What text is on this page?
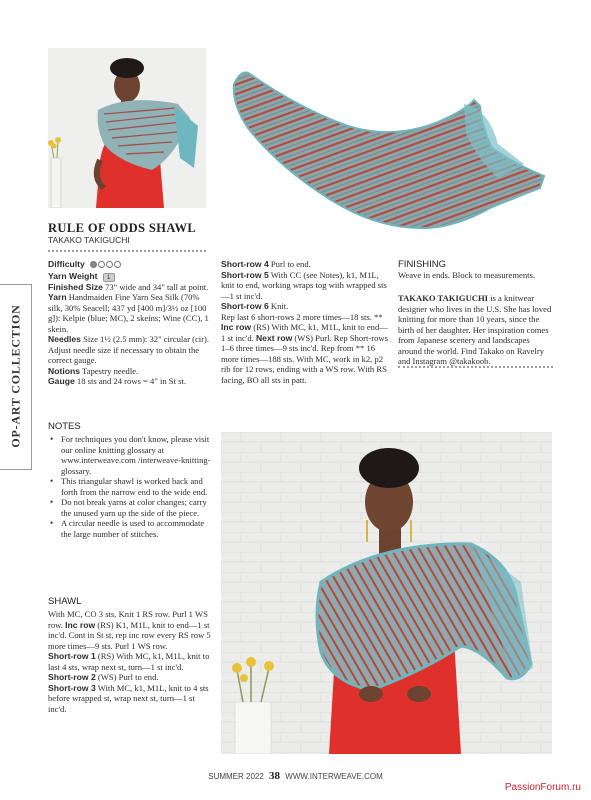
OP-ART COLLECTION
RULE OF ODDS SHAWL
TAKAKO TAKIGUCHI

Difficulty

Yarn Weight 1

Finished Size 73" wide and 34" tall at point.

Yarn Handmaiden Fine Yarn Sea Silk (70% silk, 30% Seacell; 437 yd [400 m]/3½ oz [100 g]): Kelpie (blue; MC), 2 skeins; Wine (CC), 1 skein.

Needles Size 1½ (2.5 mm): 32" circular (cir). Adjust needle size if necessary to obtain the correct gauge.

Notions Tapestry needle.

Gauge 18 sts and 24 rows = 4" in St st.

NOTES
• For techniques you don't know, please visit our online knitting glossary at www.interweave.com /interweave-knitting-glossary.
• This triangular shawl is worked back and forth from the narrow end to the wide end.
• Do not break yarns at color changes; carry the unused yarn up the side of the piece.
• A circular needle is used to accommodate the large number of stitches.
SHAWL

With MC, CO 3 sts. Knit 1 RS row. Purl 1 WS row. Inc row (RS) K1, M1L, knit to end—1 st inc'd. Cont in St st, rep inc row every RS row 5 more times—9 sts. Purl 1 WS row.

Short-row 1 (RS) With MC, k1, M1L, knit to last 4 sts, wrap next st, turn—1 st inc'd.

Short-row 2 (WS) Purl to end.

Short-row 3 With MC, k1, M1L, knit to 4 sts before wrapped st, wrap next st, turn—1 st inc'd.

Short-row 4 Purl to end.

Short-row 5 With CC (see Notes), k1, M1L, knit to end, working wraps tog with wrapped sts—1 st inc'd.

Short-row 6 Knit.

Rep last 6 short-rows 2 more times—18 sts. ** Inc row (RS) With MC, k1, M1L, knit to end—1 st inc'd. Next row (WS) Purl. Rep Short-rows 1–6 three times—9 sts inc'd. Rep from ** 16 more times—188 sts. With MC, work in k2, p2 rib for 12 rows, ending with a WS row. With RS facing, BO all sts in patt.

FINISHING
Weave in ends. Block to measurements.
TAKAKO TAKIGUCHI is a knitwear designer who lives in the U.S. She has loved knitting for more than 10 years, since the birth of her daughter. Her inspiration comes from Japanese scenery and landscapes around the world. Find Takako on Ravelry and Instagram @takakoob.
SUMMER 2022 38 WWW.INTERWEAVE.COM
PassionForum.ru
